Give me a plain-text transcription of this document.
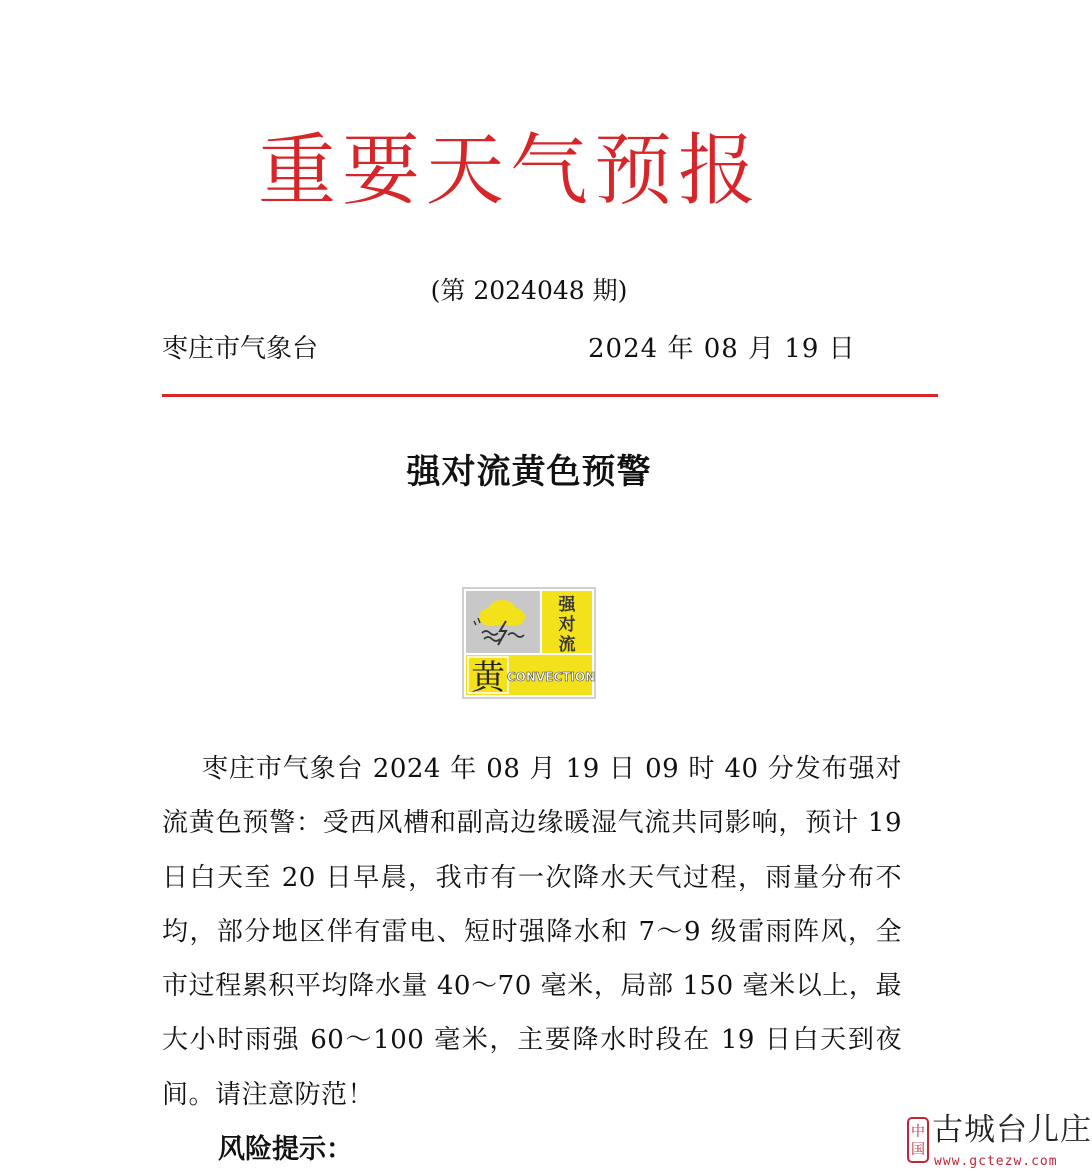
重要天气预报
(第 2024048 期)
枣庄市气象台	2024 年 08 月 19 日
强对流黄色预警
强
对
流
黄 CONVECTION
枣庄市气象台 2024 年 08 月 19 日 09 时 40 分发布强对流黄色预警：受西风槽和副高边缘暖湿气流共同影响，预计 19 日白天至 20 日早晨，我市有一次降水天气过程，雨量分布不均，部分地区伴有雷电、短时强降水和 7～9 级雷雨阵风，全市过程累积平均降水量 40～70 毫米，局部 150 毫米以上，最大小时雨强 60～100 毫米，主要降水时段在 19 日白天到夜间。请注意防范！
风险提示：
中
国
古城台儿庄
www.gcte​zw.com
